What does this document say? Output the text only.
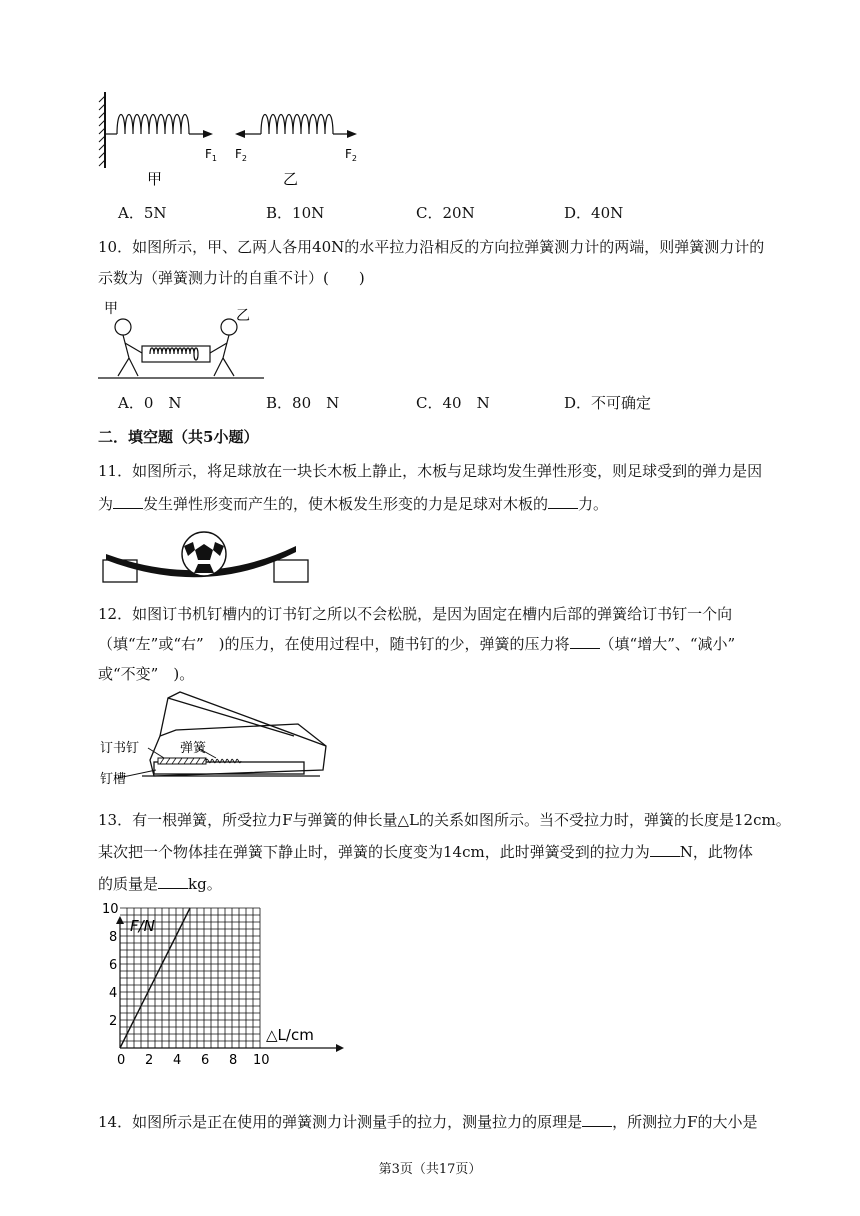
$F_1$
甲
$F_2$	$F_2$
乙
A．5N	B．10N	C．20N	D．40N
10．如图所示，甲、乙两人各用40N的水平拉力沿相反的方向拉弹簧测力计的两端，则弹簧测力计的
示数为（弹簧测力计的自重不计）(　　)
甲	乙
A．0　N	B．80　N	C．40　N	D．不可确定
二．填空题（共5小题）
11．如图所示，将足球放在一块长木板上静止，木板与足球均发生弹性形变，则足球受到的弹力是因
为 发生弹性形变而产生的，使木板发生形变的力是足球对木板的 力。
12．如图订书机钉槽内的订书钉之所以不会松脱，是因为固定在槽内后部的弹簧给订书钉一个向
（填“左”或“右”　)的压力，在使用过程中，随书钉的少，弹簧的压力将 （填“增大”、“减小”
或“不变”　)。
订书钉	弹簧
钉槽
13．有一根弹簧，所受拉力F与弹簧的伸长量△L的关系如图所示。当不受拉力时，弹簧的长度是12cm。
某次把一个物体挂在弹簧下静止时，弹簧的长度变为14cm，此时弹簧受到的拉力为 N，此物体
的质量是 kg。
0 2 4 6 8 10
2
4
6
8
10
F/N
△L/cm
14．如图所示是正在使用的弹簧测力计测量手的拉力，测量拉力的原理是 ，所测拉力F的大小是
第3页（共17页）
